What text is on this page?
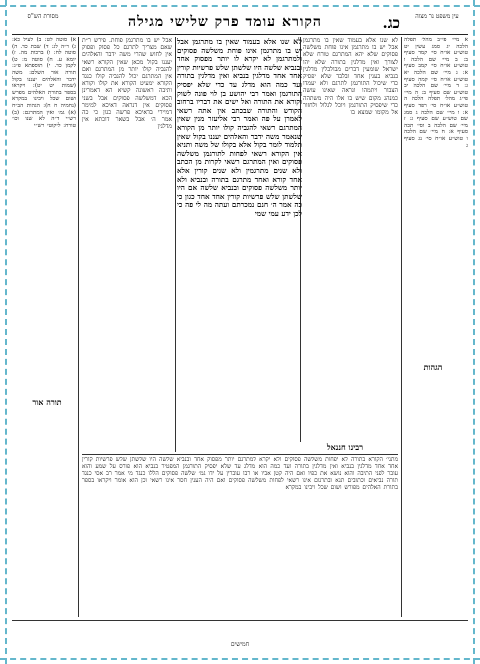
עין משפט נר מצוה
כג.
הקורא עומד פרק שלישי מגילה
מסורת הש"ס
א מיי׳ פי״ב מהל׳ תפלה הלכה יג סמג עשין יט טוש״ע או״ח סי׳ קמד סעיף ב: ב מיי׳ שם הלכה ו טוש״ע או״ח סי׳ קמב סעיף א: ג מיי׳ שם הלכה יא טוש״ע או״ח סי׳ קמה סעיף ג: ד מיי׳ שם הלכה יב טוש״ע שם סעיף ב: ה מיי׳ פי״ג מהל׳ תפלה הלכה ה טוש״ע או״ח סי׳ רפד סעיף א: ו מיי׳ שם הלכה ג סמג שם טוש״ע שם סעיף ג: ז מיי׳ שם הלכה ב וסי׳ תכה סעיף א: ח מיי׳ שם הלכה ו טוש״ע או״ח סי׳ נג סעיף ג
לא שנו אלא בעמוד שאין בו מתרגמן אבל יש בו מתרגמן אינו פוחת משלשה פסוקים שלא יהא המתרגם טורח שלא לצורך ואין מדלגין בתורה שלא יהו ישראל שומעין דברים מבולבלין מדלגין בנביא בענין אחד ובלבד שלא יפסיק כדי שיכול התורגמן לתרגם ולא יעמדו הצבור ויתמהו ונראה שאינו עושה כמנהג מקום שיש בו אלו היה משתהה כדי שיפסיק התורגמן ויוכל לגלול ולחזור אל מקומו שמצא בו
לא שנו אלא בעמוד שאין בו מתרגמן אבל יש בו מתרגמן אינו פוחת משלשה פסוקים ולמתרגמן לא יקרא לו יותר מפסוק אחד ובנביא שלשה היו שלשתן שלש פרשיות קורין אחד אחד מדלגין בנביא ואין מדלגין בתורה ועד כמה הוא מדלג עד כדי שלא יפסיק התורגמן ואמר רבי יהושע בן לוי פונה לשוק וקורא את התורה ואל ישים את דבריו ברחוב הקודש והתורה שבכתב אין אתה רשאי לאמרן על פה ואמר רבי אליעזר מנין שאין המתרגם רשאי להגביה קולו יותר מן הקורא שנאמר משה ידבר והאלהים יעננו בקול שאין תלמוד לומר בקול אלא בקולו של משה ותניא אין הקורא רשאי לפחות לתורגמן משלשה פסוקים ואין המתרגם רשאי לקרות מן הכתב ולא שנים מתרגמין ולא שנים קורין אלא אחד קורא ואחד מתרגם בתורה ובנביא ולא יותר משלשה פסוקים ובנביא שלשה אם היו שלשתן שלש פרשיות קורין אחד אחד כגון כי כה אמר ה׳ חנם נמכרתם ועתה מה לי פה כי לכן ידע עמי שמי
אבל יש בו מתרגמן פוחת. פירש ר״ת שאם מצריך לתרגם כל פסוק ופסוק אין לחוש שהרי משה ידבר והאלהים יעננו בקול מכאן שאין הקורא רשאי להגביה קולו יותר מן המתרגם ואם אין המתרגם יכול להגביה קולו כנגד הקורא ימעיט הקורא את קולו וקורא ותיבה ראשונה קשיא הא דאמרינן הכא דמשלשה פסוקים אבל בשני פסוקים אין דנראה דאיכא למימר דמיירי בדאיכא פרשה כגון כי כה אמר ה׳ אבל בשאר דוכתא אין מדלגין
מתני׳ הקורא בתורה לא יפחות משלשה פסוקים ולא יקרא למתרגם יותר מפסוק אחד ובנביא שלשה היו שלשתן שלש פרשיות קורין אחד אחד מדלגין בנביא ואין מדלגין בתורה ועד כמה הוא מדלג עד שלא יפסיק התורגמן המפטיר בנביא הוא פורס על שמע והוא עובר לפני התיבה והוא נושא את כפיו ואם היה קטן אביו או רבו עוברין על ידו גמ׳ שלשה פסוקים הללו כנגד מי אמר רב אסי כנגד תורה נביאים וכתובים תנא ובתרגום אינו רשאי לפחות משלשה פסוקים ואם היה הענין חסר אינו רשאי וכן הוא אומר ויקראו בספר בתורת האלהים מפורש ושום שכל ויבינו במקרא
א) סוטה לט: ב) לעיל כא: ג) ר״ה לג: ד) שבת כד. ה) סוטה לח: ו) ברכות מה. ז) יומא ע. ח) סוטה מ: ט) לקמן כד. י) תוספתא פ״ג: תורה אור השלם: משה ידבר והאלהים יעננו בקול (שמות יט יט): ויקראו בספר בתורת האלהים מפרש ושום שכל ויבינו במקרא (נחמיה ח ח): הגהות הב״ח (א) גמ׳ ואין המתרגם: (ב) רש״י ד״ה לא שנו וכו׳ טורח: ליקוטי רש״י
הגהות
תורה אור
רבינו חננאל
חמישים
